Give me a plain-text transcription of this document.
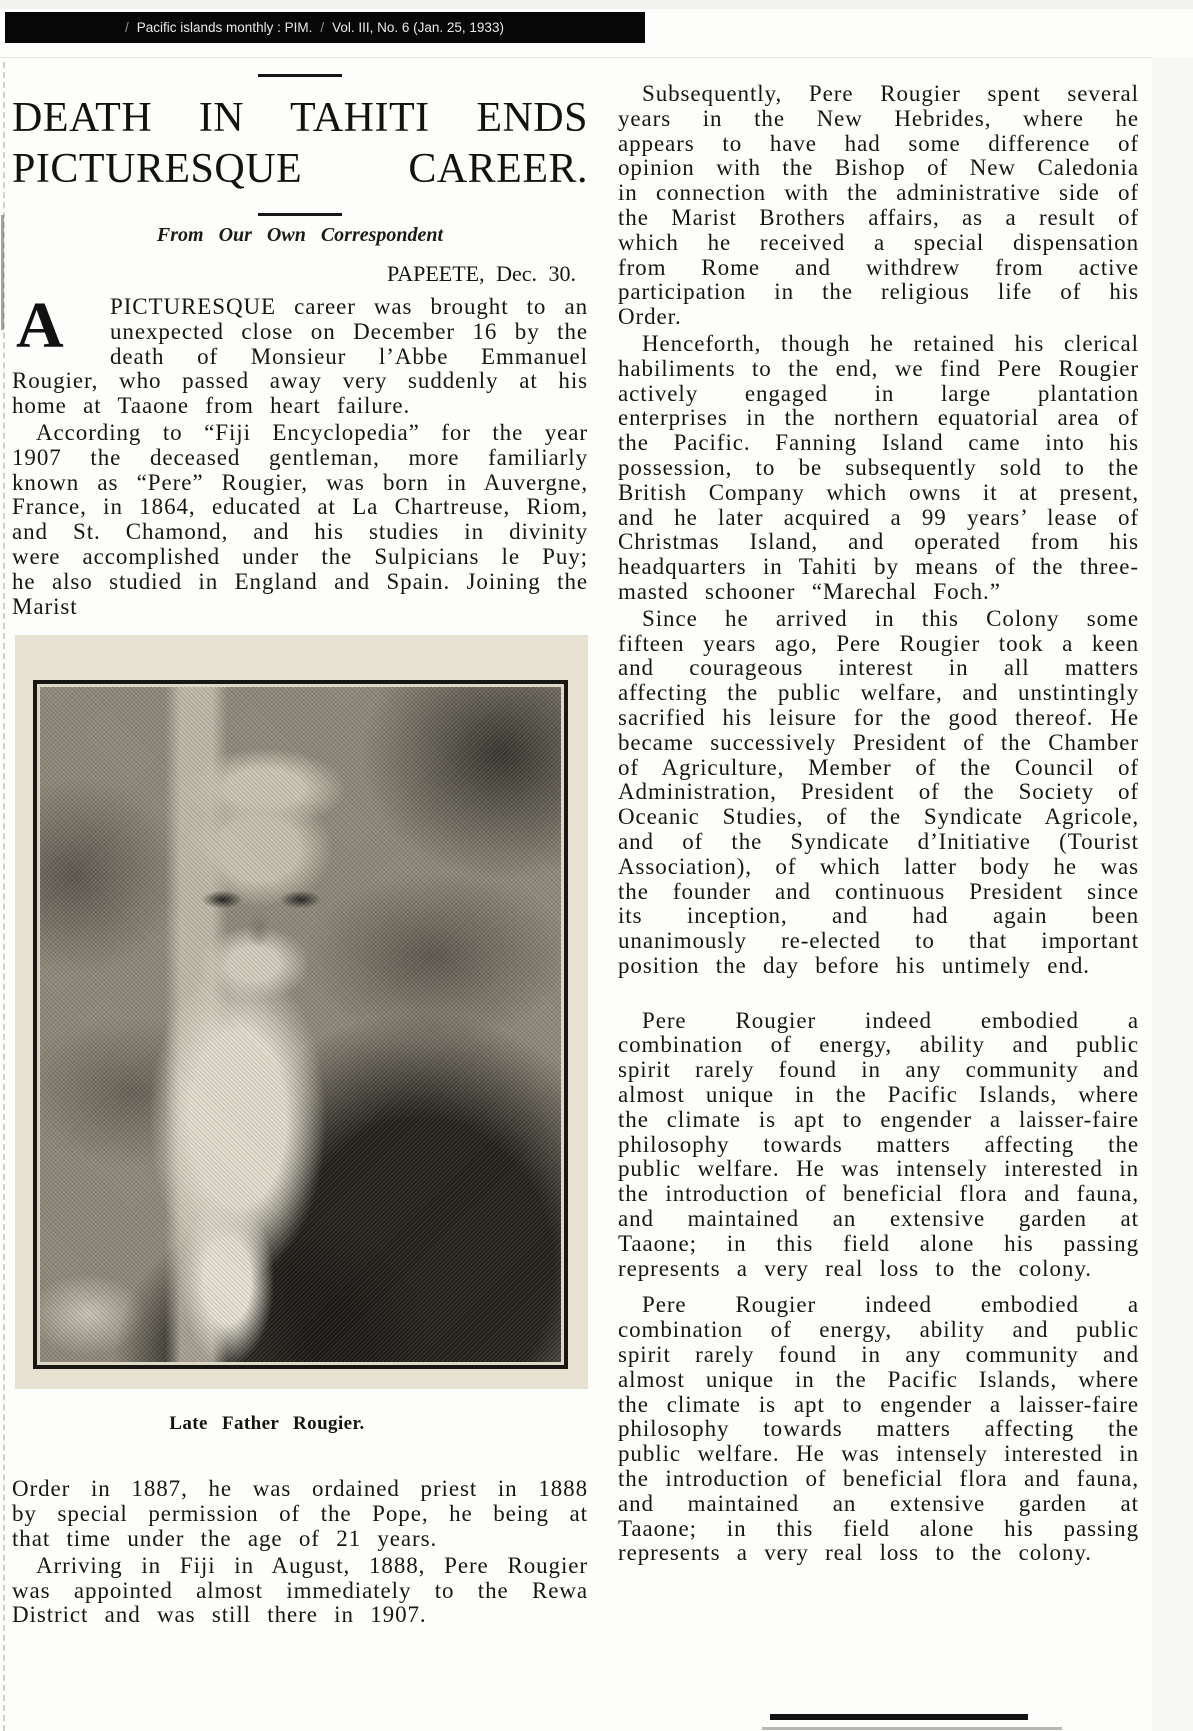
/ Pacific islands monthly : PIM. / Vol. III, No. 6 (Jan. 25, 1933)
DEATH IN TAHITI ENDS
PICTURESQUE CAREER.
From Our Own Correspondent
PAPEETE, Dec. 30.

A	PICTURESQUE career was brought to an unexpected close on December 16 by the death of Monsieur l’Abbe Emmanuel Rougier, who passed away very suddenly at his home at Taaone from heart failure.

According to “Fiji Encyclopedia” for the year 1907 the deceased gentleman, more familiarly known as “Pere” Rougier, was born in Auvergne, France, in 1864, educated at La Chartreuse, Riom, and St. Chamond, and his studies in divinity were accomplished under the Sulpicians le Puy; he also studied in England and Spain. Joining the Marist

Late Father Rougier.

Order in 1887, he was ordained priest in 1888 by special permission of the Pope, he being at that time under the age of 21 years.

Arriving in Fiji in August, 1888, Pere Rougier was appointed almost immediately to the Rewa District and was still there in 1907.

Subsequently, Pere Rougier spent several years in the New Hebrides, where he appears to have had some difference of opinion with the Bishop of New Caledonia in connection with the administrative side of the Marist Brothers affairs, as a result of which he received a special dispensation from Rome and withdrew from active participation in the religious life of his Order.

Henceforth, though he retained his clerical habiliments to the end, we find Pere Rougier actively engaged in large plantation enterprises in the northern equatorial area of the Pacific. Fanning Island came into his possession, to be subsequently sold to the British Company which owns it at present, and he later acquired a 99 years’ lease of Christmas Island, and operated from his headquarters in Tahiti by means of the three-masted schooner “Marechal Foch.”

Since he arrived in this Colony some fifteen years ago, Pere Rougier took a keen and courageous interest in all matters affecting the public welfare, and unstintingly sacrified his leisure for the good thereof. He became successively President of the Chamber of Agriculture, Member of the Council of Administration, President of the Society of Oceanic Studies, of the Syndicate Agricole, and of the Syndicate d’Initiative (Tourist Association), of which latter body he was the founder and continuous President since its inception, and had again been unanimously re-elected to that important position the day before his untimely end.

Pere Rougier indeed embodied a combination of energy, ability and public spirit rarely found in any community and almost unique in the Pacific Islands, where the climate is apt to engender a laisser-faire philosophy towards matters affecting the public welfare. He was intensely interested in the introduction of beneficial flora and fauna, and maintained an extensive garden at Taaone; in this field alone his passing represents a very real loss to the colony.

Pere Rougier indeed embodied a combination of energy, ability and public spirit rarely found in any community and almost unique in the Pacific Islands, where the climate is apt to engender a laisser-faire philosophy towards matters affecting the public welfare. He was intensely interested in the introduction of beneficial flora and fauna, and maintained an extensive garden at Taaone; in this field alone his passing represents a very real loss to the colony.
